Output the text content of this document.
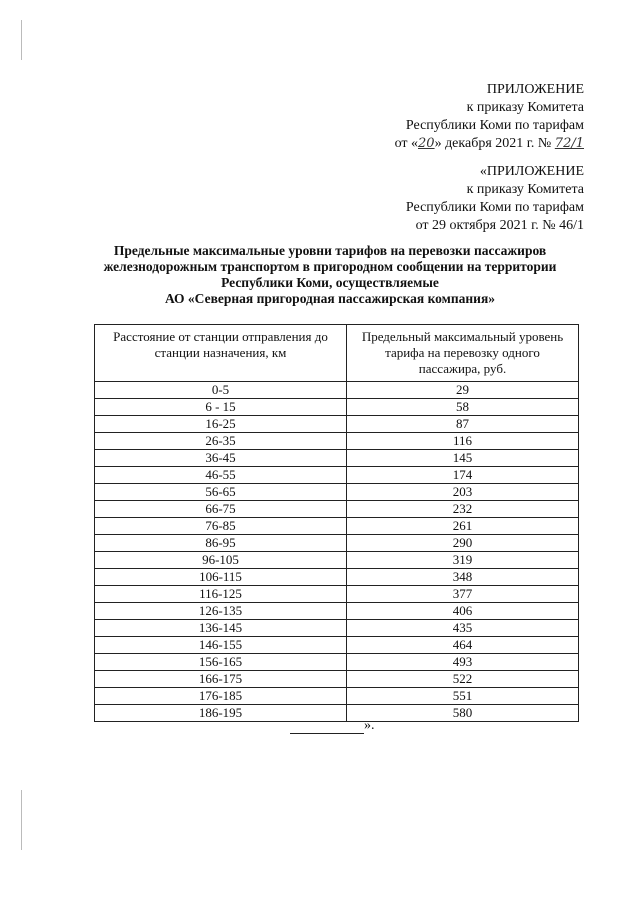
ПРИЛОЖЕНИЕ
к приказу Комитета
Республики Коми по тарифам
от «20» декабря 2021 г. № 72/1
«ПРИЛОЖЕНИЕ
к приказу Комитета
Республики Коми по тарифам
от 29 октября 2021 г. № 46/1
Предельные максимальные уровни тарифов на перевозки пассажиров
железнодорожным транспортом в пригородном сообщении на территории
Республики Коми, осуществляемые
АО «Северная пригородная пассажирская компания»
Расстояние от станции отправления до станции назначения, км	Предельный максимальный уровень тарифа на перевозку одного пассажира, руб.
0-5	29
6 - 15	58
16-25	87
26-35	116
36-45	145
46-55	174
56-65	203
66-75	232
76-85	261
86-95	290
96-105	319
106-115	348
116-125	377
126-135	406
136-145	435
146-155	464
156-165	493
166-175	522
176-185	551
186-195	580
».
